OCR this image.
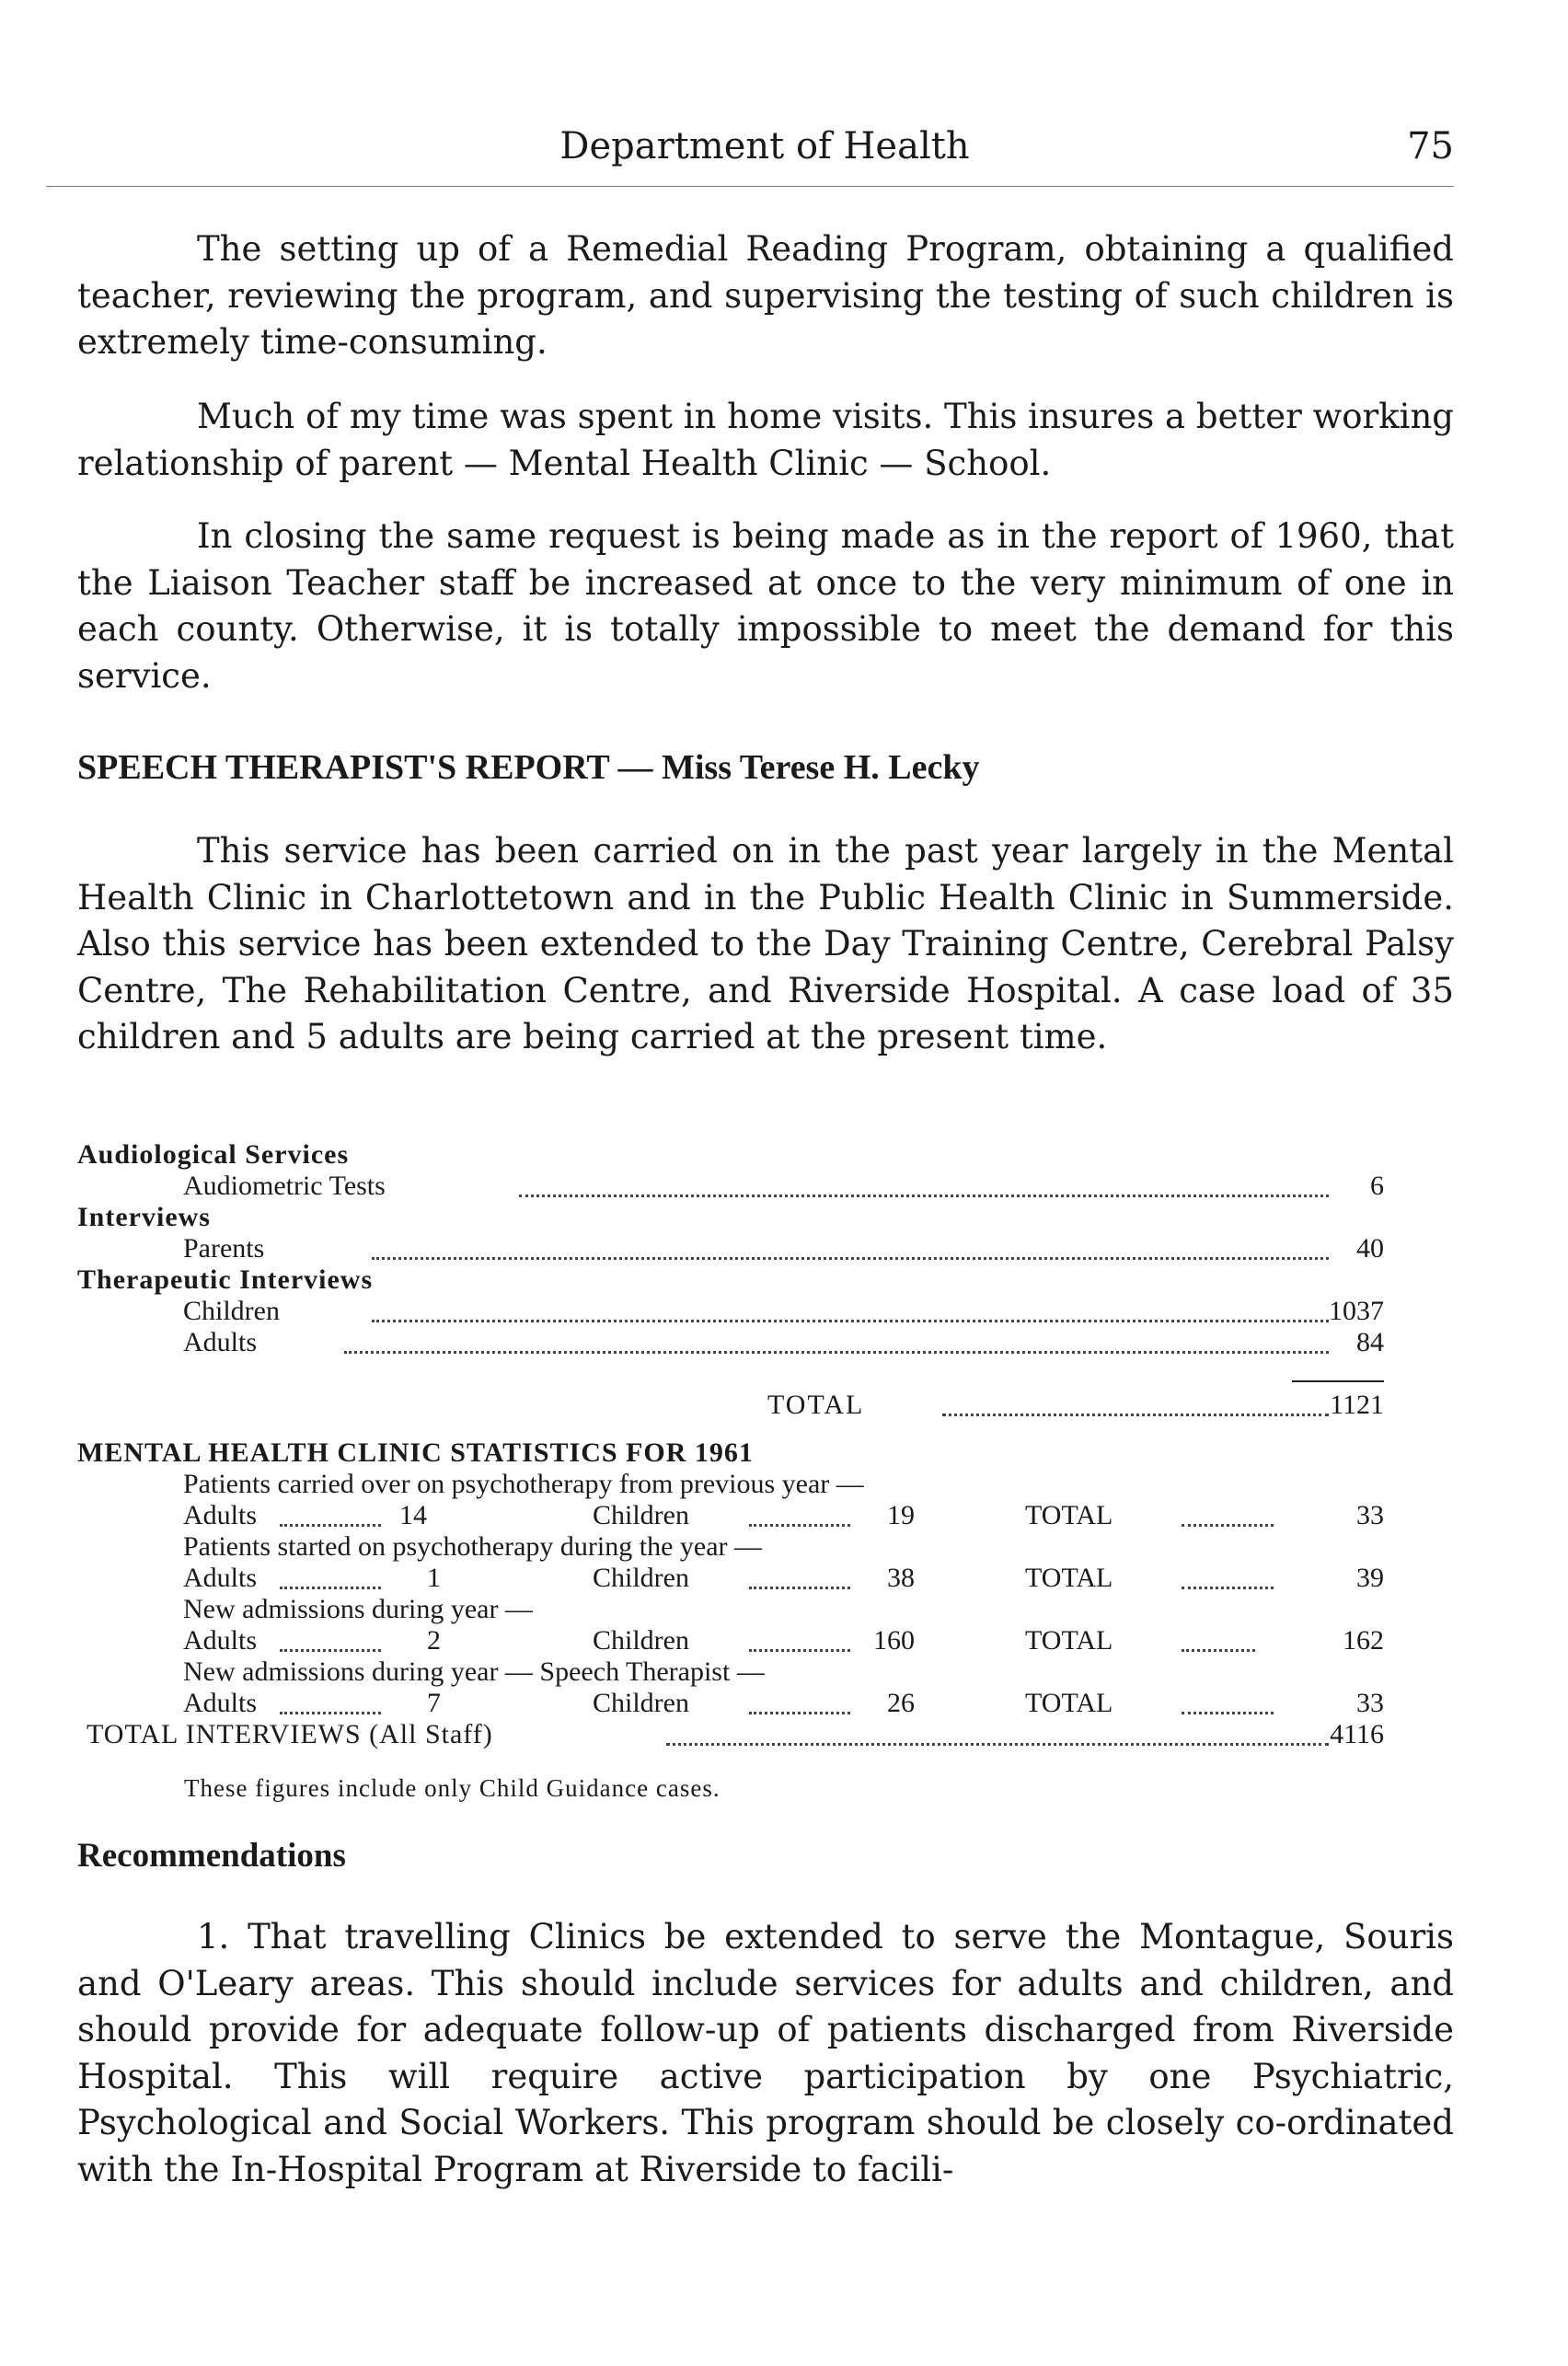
Department of Health	75

The setting up of a Remedial Reading Program, obtaining a qualified teacher, reviewing the program, and supervising the testing of such children is extremely time-consuming.

Much of my time was spent in home visits. This insures a better working relationship of parent — Mental Health Clinic — School.

In closing the same request is being made as in the report of 1960, that the Liaison Teacher staff be increased at once to the very minimum of one in each county. Otherwise, it is totally impossible to meet the demand for this service.

SPEECH THERAPIST'S REPORT — Miss Terese H. Lecky

This service has been carried on in the past year largely in the Mental Health Clinic in Charlottetown and in the Public Health Clinic in Summerside. Also this service has been extended to the Day Training Centre, Cerebral Palsy Centre, The Rehabilitation Centre, and Riverside Hospital. A case load of 35 children and 5 adults are being carried at the present time.

Audiological Services
Audiometric Tests	6
Interviews
Parents	40
Therapeutic Interviews
Children	1037
Adults	84
TOTAL	1121
MENTAL HEALTH CLINIC STATISTICS FOR 1961
Patients carried over on psychotherapy from previous year —
Adults	14	Children	19	TOTAL	33
Patients started on psychotherapy during the year —
Adults	1	Children	38	TOTAL	39
New admissions during year —
Adults	2	Children	160	TOTAL	162
New admissions during year — Speech Therapist —
Adults	7	Children	26	TOTAL	33
TOTAL INTERVIEWS (All Staff)	4116
These figures include only Child Guidance cases.
Recommendations

1. That travelling Clinics be extended to serve the Montague, Souris and O'Leary areas. This should include services for adults and children, and should provide for adequate follow-up of patients discharged from Riverside Hospital. This will require active participation by one Psychiatric, Psychological and Social Workers. This program should be closely co-ordinated with the In-Hospital Program at Riverside to facili-
